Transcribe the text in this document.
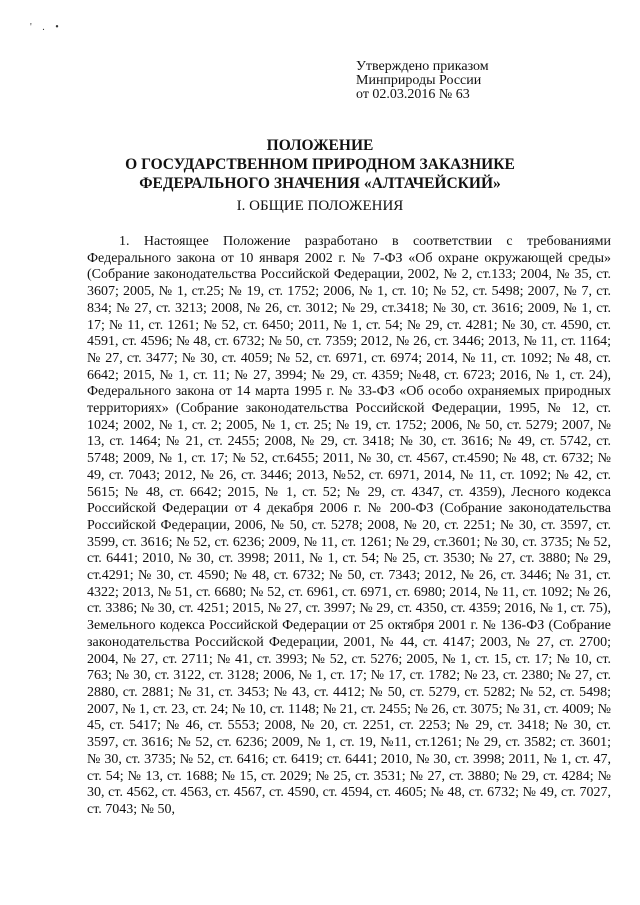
' . •
Утверждено приказом
Минприроды России
от 02.03.2016 № 63
ПОЛОЖЕНИЕ
О ГОСУДАРСТВЕННОМ ПРИРОДНОМ ЗАКАЗНИКЕ
ФЕДЕРАЛЬНОГО ЗНАЧЕНИЯ «АЛТАЧЕЙСКИЙ»
I. ОБЩИЕ ПОЛОЖЕНИЯ

1. Настоящее Положение разработано в соответствии с требованиями Федерального закона от 10 января 2002 г. № 7-ФЗ «Об охране окружающей среды» (Собрание законодательства Российской Федерации, 2002, № 2, ст.133; 2004, № 35, ст. 3607; 2005, № 1, ст.25; № 19, ст. 1752; 2006, № 1, ст. 10; № 52, ст. 5498; 2007, № 7, ст. 834; № 27, ст. 3213; 2008, № 26, ст. 3012; № 29, ст.3418; № 30, ст. 3616; 2009, № 1, ст. 17; № 11, ст. 1261; № 52, ст. 6450; 2011, № 1, ст. 54; № 29, ст. 4281; № 30, ст. 4590, ст. 4591, ст. 4596; № 48, ст. 6732; № 50, ст. 7359; 2012, № 26, ст. 3446; 2013, № 11, ст. 1164; № 27, ст. 3477; № 30, ст. 4059; № 52, ст. 6971, ст. 6974; 2014, № 11, ст. 1092; № 48, ст. 6642; 2015, № 1, ст. 11; № 27, 3994; № 29, ст. 4359; №48, ст. 6723; 2016, № 1, ст. 24), Федерального закона от 14 марта 1995 г. № 33-ФЗ «Об особо охраняемых природных территориях» (Собрание законодательства Российской Федерации, 1995, № 12, ст. 1024; 2002, № 1, ст. 2; 2005, № 1, ст. 25; № 19, ст. 1752; 2006, № 50, ст. 5279; 2007, № 13, ст. 1464; № 21, ст. 2455; 2008, № 29, ст. 3418; № 30, ст. 3616; № 49, ст. 5742, ст. 5748; 2009, № 1, ст. 17; № 52, ст.6455; 2011, № 30, ст. 4567, ст.4590; № 48, ст. 6732; № 49, ст. 7043; 2012, № 26, ст. 3446; 2013, №52, ст. 6971, 2014, № 11, ст. 1092; № 42, ст. 5615; № 48, ст. 6642; 2015, № 1, ст. 52; № 29, ст. 4347, ст. 4359), Лесного кодекса Российской Федерации от 4 декабря 2006 г. № 200-ФЗ (Собрание законодательства Российской Федерации, 2006, № 50, ст. 5278; 2008, № 20, ст. 2251; № 30, ст. 3597, ст. 3599, ст. 3616; № 52, ст. 6236; 2009, № 11, ст. 1261; № 29, ст.3601; № 30, ст. 3735; № 52, ст. 6441; 2010, № 30, ст. 3998; 2011, № 1, ст. 54; № 25, ст. 3530; № 27, ст. 3880; № 29, ст.4291; № 30, ст. 4590; № 48, ст. 6732; № 50, ст. 7343; 2012, № 26, ст. 3446; № 31, ст. 4322; 2013, № 51, ст. 6680; № 52, ст. 6961, ст. 6971, ст. 6980; 2014, № 11, ст. 1092; № 26, ст. 3386; № 30, ст. 4251; 2015, № 27, ст. 3997; № 29, ст. 4350, ст. 4359; 2016, № 1, ст. 75), Земельного кодекса Российской Федерации от 25 октября 2001 г. № 136-ФЗ (Собрание законодательства Российской Федерации, 2001, № 44, ст. 4147; 2003, № 27, ст. 2700; 2004, № 27, ст. 2711; № 41, ст. 3993; № 52, ст. 5276; 2005, № 1, ст. 15, ст. 17; № 10, ст. 763; № 30, ст. 3122, ст. 3128; 2006, № 1, ст. 17; № 17, ст. 1782; № 23, ст. 2380; № 27, ст. 2880, ст. 2881; № 31, ст. 3453; № 43, ст. 4412; № 50, ст. 5279, ст. 5282; № 52, ст. 5498; 2007, № 1, ст. 23, ст. 24; № 10, ст. 1148; № 21, ст. 2455; № 26, ст. 3075; № 31, ст. 4009; № 45, ст. 5417; № 46, ст. 5553; 2008, № 20, ст. 2251, ст. 2253; № 29, ст. 3418; № 30, ст. 3597, ст. 3616; № 52, ст. 6236; 2009, № 1, ст. 19, №11, ст.1261; № 29, ст. 3582; ст. 3601; № 30, ст. 3735; № 52, ст. 6416; ст. 6419; ст. 6441; 2010, № 30, ст. 3998; 2011, № 1, ст. 47, ст. 54; № 13, ст. 1688; № 15, ст. 2029; № 25, ст. 3531; № 27, ст. 3880; № 29, ст. 4284; № 30, ст. 4562, ст. 4563, ст. 4567, ст. 4590, ст. 4594, ст. 4605; № 48, ст. 6732; № 49, ст. 7027, ст. 7043; № 50,
